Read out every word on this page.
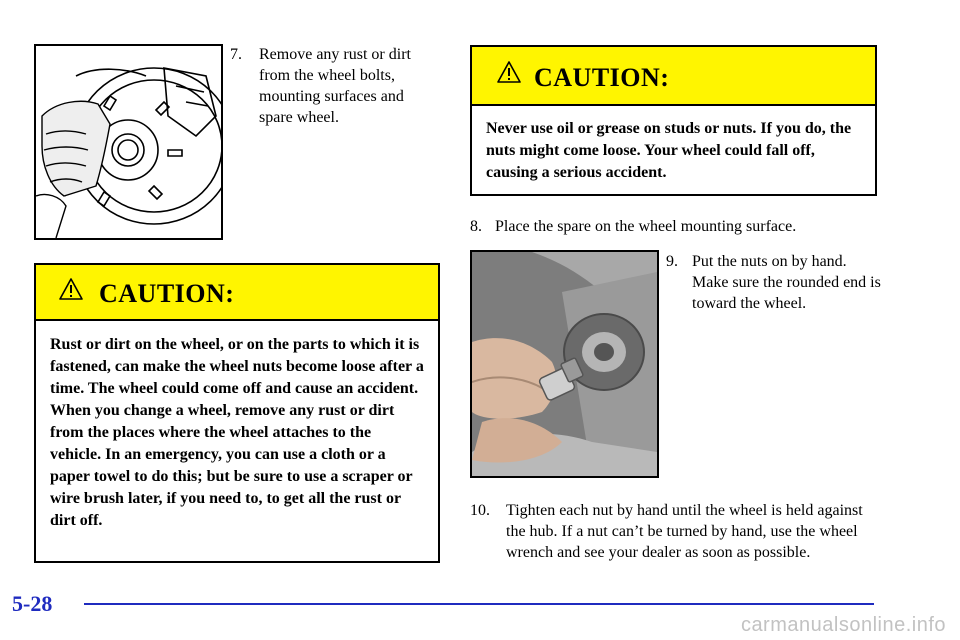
7.	Remove any rust or dirt from the wheel bolts, mounting surfaces and spare wheel.
CAUTION:
Rust or dirt on the wheel, or on the parts to which it is fastened, can make the wheel nuts become loose after a time. The wheel could come off and cause an accident. When you change a wheel, remove any rust or dirt from the places where the wheel attaches to the vehicle. In an emergency, you can use a cloth or a paper towel to do this; but be sure to use a scraper or wire brush later, if you need to, to get all the rust or dirt off.
CAUTION:
Never use oil or grease on studs or nuts. If you do, the nuts might come loose. Your wheel could fall off, causing a serious accident.
8. Place the spare on the wheel mounting surface.
9. Put the nuts on by hand. Make sure the rounded end is toward the wheel.
10.	Tighten each nut by hand until the wheel is held against the hub. If a nut can’t be turned by hand, use the wheel wrench and see your dealer as soon as possible.
5-28
carmanualsonline.info
